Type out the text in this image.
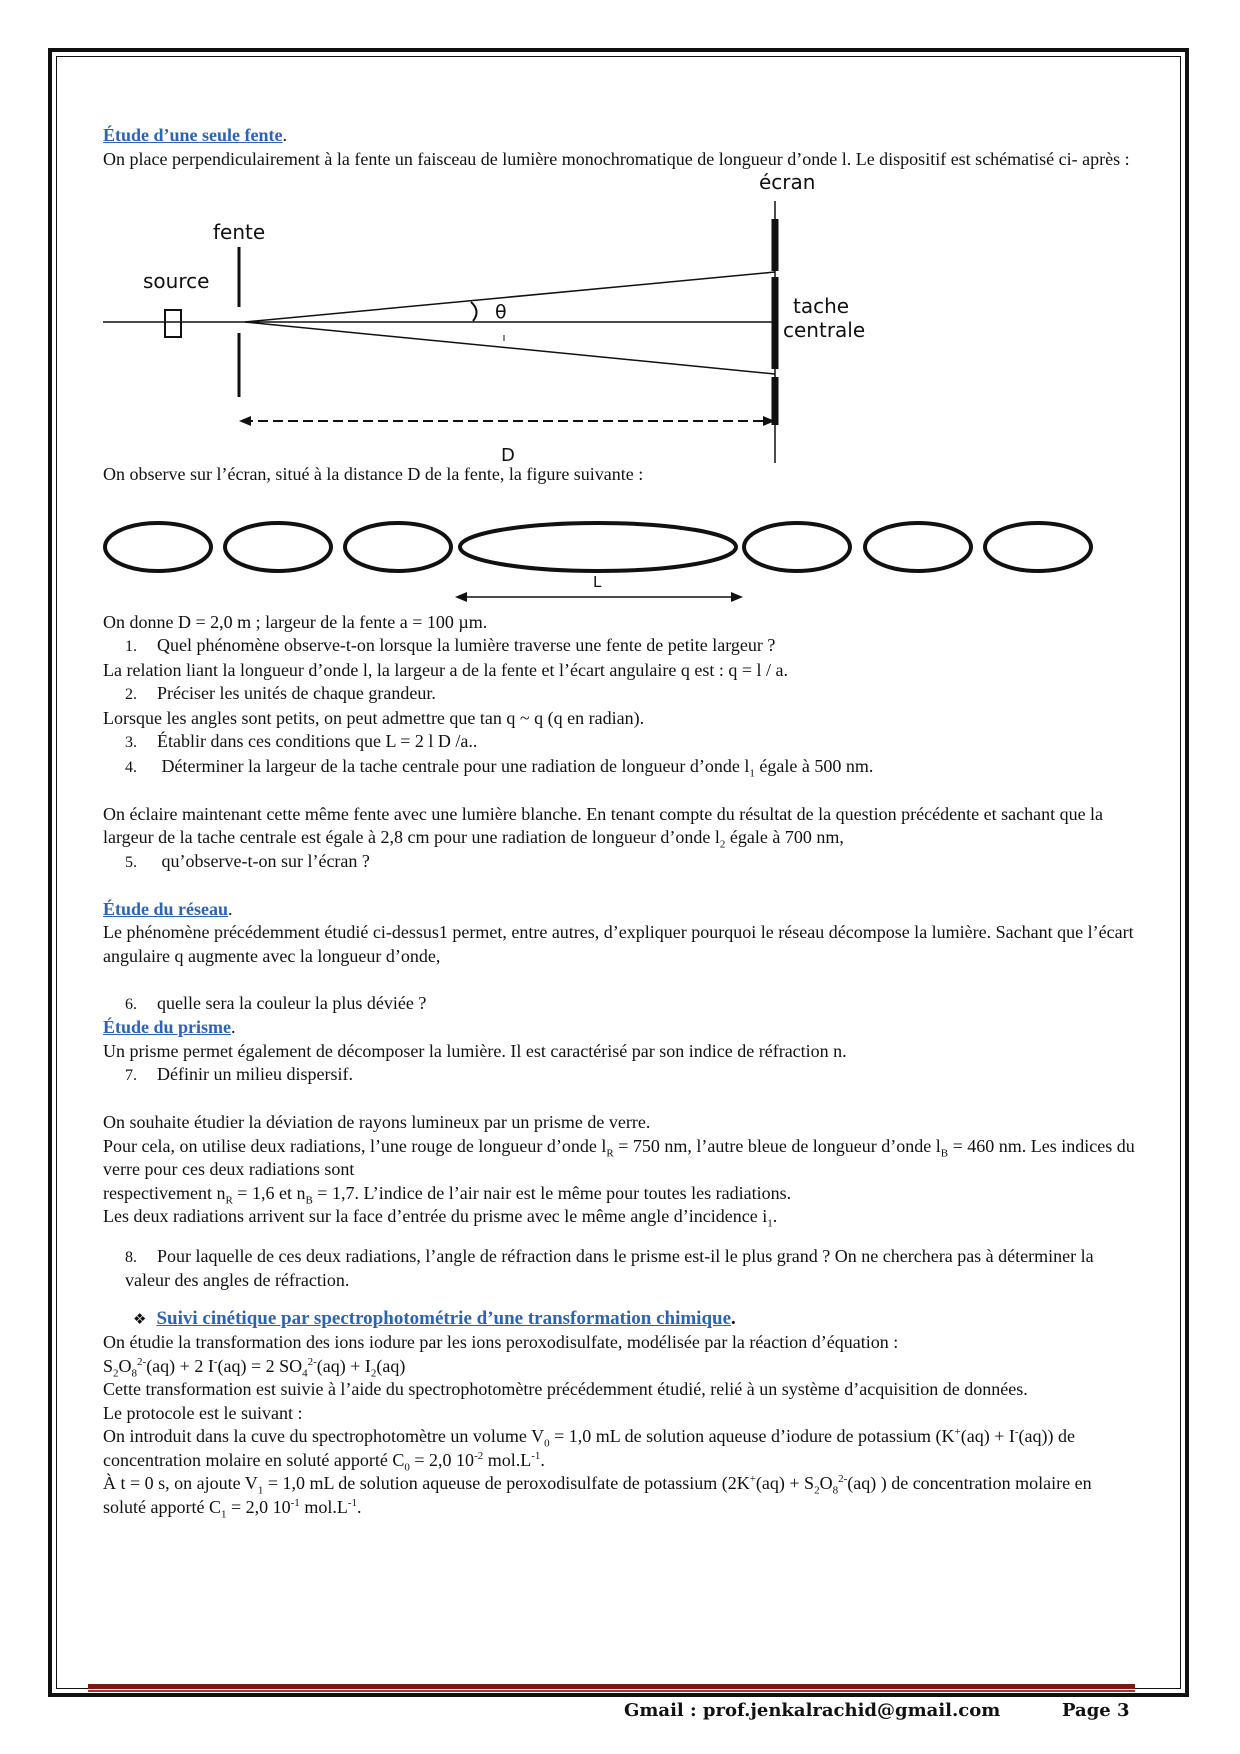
Étude d’une seule fente.

On place perpendiculairement à la fente un faisceau de lumière monochromatique de longueur d’onde l. Le dispositif est schématisé ci- après :

source
fente
θ
écran
tache
centrale
D

On observe sur l’écran, situé à la distance D de la fente, la figure suivante :

L

On donne D = 2,0 m ; largeur de la fente a = 100 µm.

1. Quel phénomène observe-t-on lorsque la lumière traverse une fente de petite largeur ?

La relation liant la longueur d’onde l, la largeur a de la fente et l’écart angulaire q est : q = l / a.

2. Préciser les unités de chaque grandeur.

Lorsque les angles sont petits, on peut admettre que tan q ~ q (q en radian).

3. Établir dans ces conditions que L = 2 l D /a..

4. Déterminer la largeur de la tache centrale pour une radiation de longueur d’onde $l_1$ égale à 500 nm.

On éclaire maintenant cette même fente avec une lumière blanche. En tenant compte du résultat de la question précédente et sachant que la largeur de la tache centrale est égale à 2,8 cm pour une radiation de longueur d’onde $l_2$ égale à 700 nm,

5. qu’observe-t-on sur l’écran ?

Étude du réseau.

Le phénomène précédemment étudié ci-dessus1 permet, entre autres, d’expliquer pourquoi le réseau décompose la lumière. Sachant que l’écart angulaire q augmente avec la longueur d’onde,

6. quelle sera la couleur la plus déviée ?

Étude du prisme.

Un prisme permet également de décomposer la lumière. Il est caractérisé par son indice de réfraction n.

7. Définir un milieu dispersif.

On souhaite étudier la déviation de rayons lumineux par un prisme de verre.

Pour cela, on utilise deux radiations, l’une rouge de longueur d’onde $l_R = 750$ nm, l’autre bleue de longueur d’onde $l_B = 460$ nm. Les indices du verre pour ces deux radiations sont

respectivement $n_R = 1,6$ et $n_B = 1,7$. L’indice de l’air nair est le même pour toutes les radiations.

Les deux radiations arrivent sur la face d’entrée du prisme avec le même angle d’incidence $i_1$.

8. Pour laquelle de ces deux radiations, l’angle de réfraction dans le prisme est-il le plus grand ? On ne cherchera pas à déterminer la valeur des angles de réfraction.

❖ Suivi cinétique par spectrophotométrie d’une transformation chimique.

On étudie la transformation des ions iodure par les ions peroxodisulfate, modélisée par la réaction d’équation :

$S_2O_8^{2-}(aq) + 2$ I-(aq) = 2 $SO_4^{2-}(aq) + I_2(aq)$

Cette transformation est suivie à l’aide du spectrophotomètre précédemment étudié, relié à un système d’acquisition de données.

Le protocole est le suivant :

On introduit dans la cuve du spectrophotomètre un volume $V_0 = 1,0$ mL de solution aqueuse d’iodure de potassium (K+(aq) + I-(aq)) de concentration molaire en soluté apporté $C_0 = 2,0$ $10^{-2}$ $mol.L^{-1}$.

À t = 0 s, on ajoute $V_1 = 1,0$ mL de solution aqueuse de peroxodisulfate de potassium ($2K^+(aq) + S_2O_8^{2-}(aq)$ ) de concentration molaire en soluté apporté $C_1 = 2,0$ $10^{-1}$ $mol.L^{-1}$.

Gmail : prof.jenkalrachid@gmail.com	Page 3
